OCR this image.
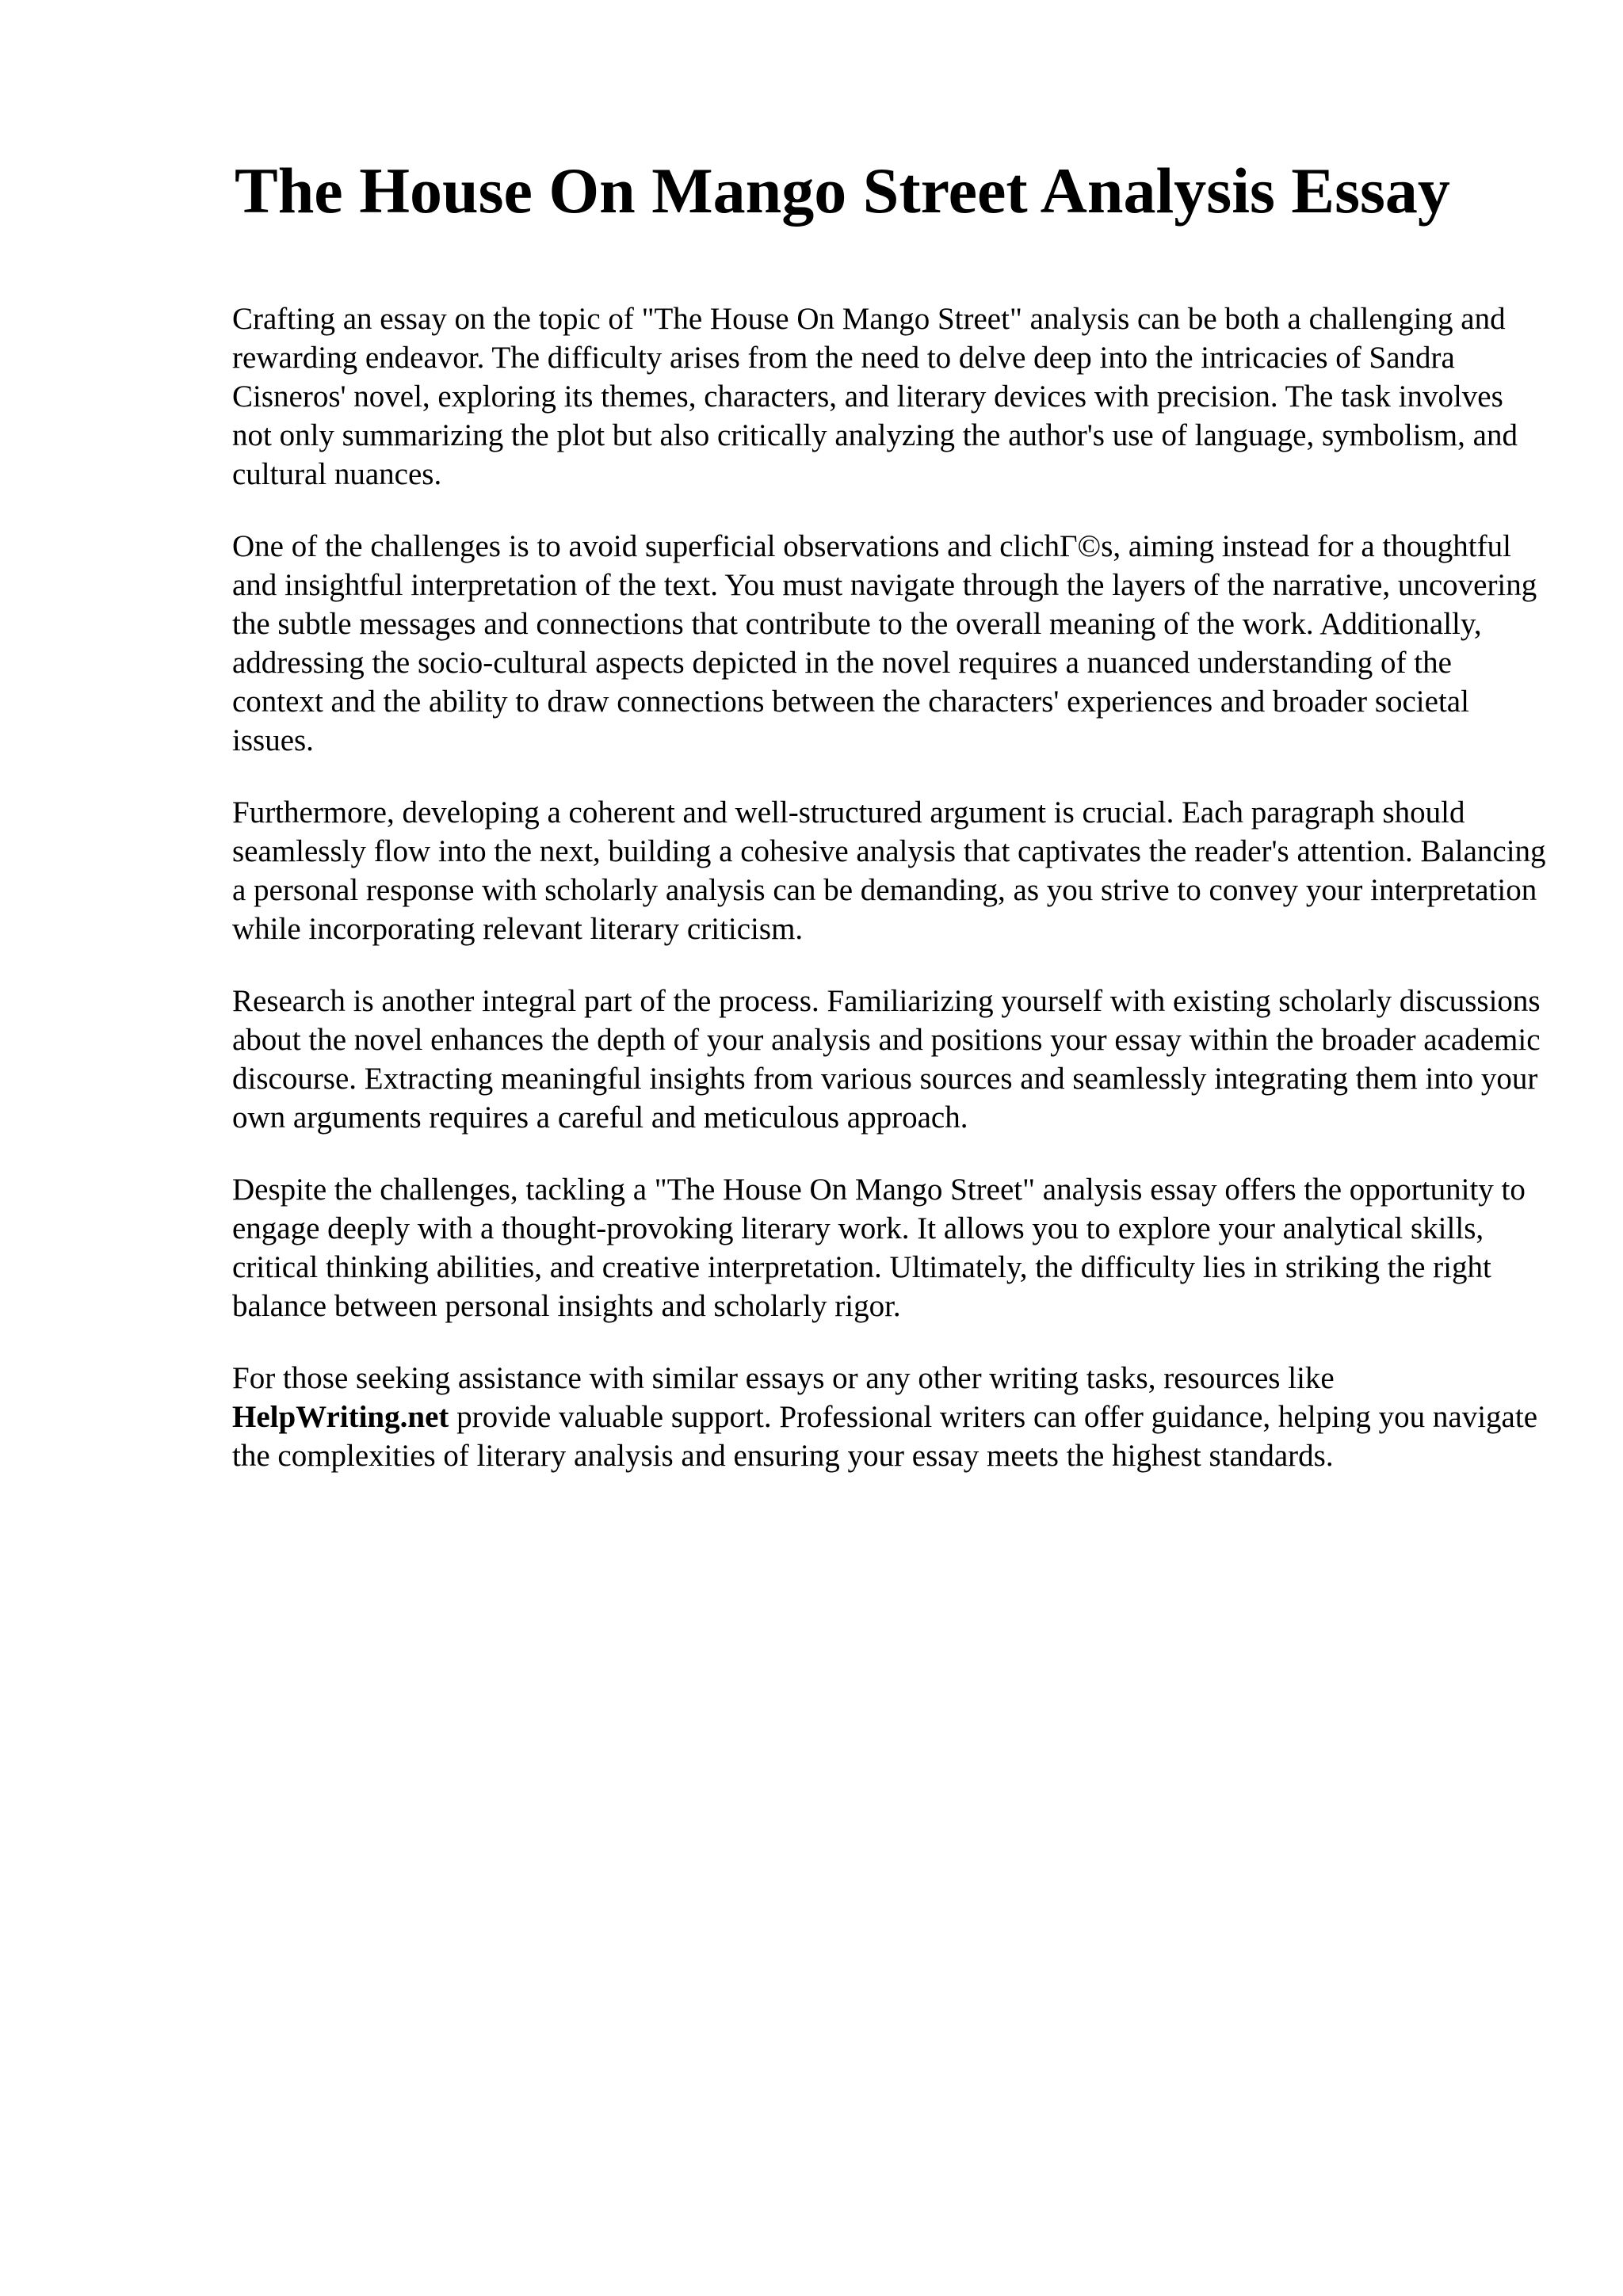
The House On Mango Street Analysis Essay

Crafting an essay on the topic of "The House On Mango Street" analysis can be both a challenging and rewarding endeavor. The difficulty arises from the need to delve deep into the intricacies of Sandra Cisneros' novel, exploring its themes, characters, and literary devices with precision. The task involves not only summarizing the plot but also critically analyzing the author's use of language, symbolism, and cultural nuances.

One of the challenges is to avoid superficial observations and clichГ©s, aiming instead for a thoughtful and insightful interpretation of the text. You must navigate through the layers of the narrative, uncovering the subtle messages and connections that contribute to the overall meaning of the work. Additionally, addressing the socio-cultural aspects depicted in the novel requires a nuanced understanding of the context and the ability to draw connections between the characters' experiences and broader societal issues.

Furthermore, developing a coherent and well-structured argument is crucial. Each paragraph should seamlessly flow into the next, building a cohesive analysis that captivates the reader's attention. Balancing a personal response with scholarly analysis can be demanding, as you strive to convey your interpretation while incorporating relevant literary criticism.

Research is another integral part of the process. Familiarizing yourself with existing scholarly discussions about the novel enhances the depth of your analysis and positions your essay within the broader academic discourse. Extracting meaningful insights from various sources and seamlessly integrating them into your own arguments requires a careful and meticulous approach.

Despite the challenges, tackling a "The House On Mango Street" analysis essay offers the opportunity to engage deeply with a thought-provoking literary work. It allows you to explore your analytical skills, critical thinking abilities, and creative interpretation. Ultimately, the difficulty lies in striking the right balance between personal insights and scholarly rigor.

For those seeking assistance with similar essays or any other writing tasks, resources like HelpWriting.net provide valuable support. Professional writers can offer guidance, helping you navigate the complexities of literary analysis and ensuring your essay meets the highest standards.
